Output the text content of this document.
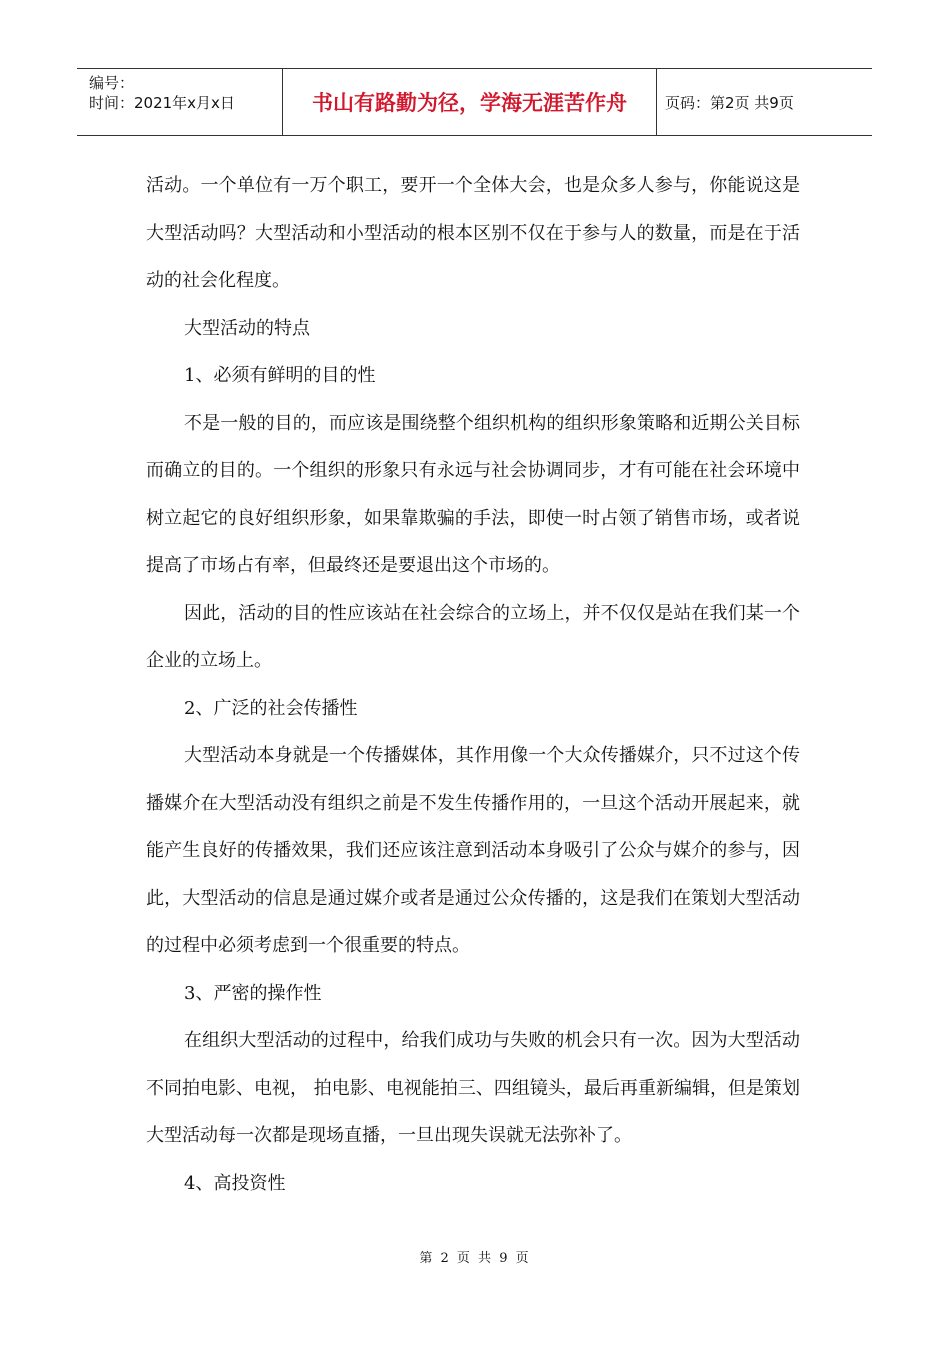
编号：
时间：2021年x月x日	书山有路勤为径，学海无涯苦作舟	页码：第2页 共9页

活动。一个单位有一万个职工，要开一个全体大会，也是众多人参与，你能说这是大型活动吗？大型活动和小型活动的根本区别不仅在于参与人的数量，而是在于活动的社会化程度。

大型活动的特点

1、必须有鲜明的目的性

不是一般的目的，而应该是围绕整个组织机构的组织形象策略和近期公关目标而确立的目的。一个组织的形象只有永远与社会协调同步，才有可能在社会环境中树立起它的良好组织形象，如果靠欺骗的手法，即使一时占领了销售市场，或者说提高了市场占有率，但最终还是要退出这个市场的。

因此，活动的目的性应该站在社会综合的立场上，并不仅仅是站在我们某一个企业的立场上。

2、广泛的社会传播性

大型活动本身就是一个传播媒体，其作用像一个大众传播媒介，只不过这个传播媒介在大型活动没有组织之前是不发生传播作用的，一旦这个活动开展起来，就能产生良好的传播效果，我们还应该注意到活动本身吸引了公众与媒介的参与，因此，大型活动的信息是通过媒介或者是通过公众传播的，这是我们在策划大型活动的过程中必须考虑到一个很重要的特点。

3、严密的操作性

在组织大型活动的过程中，给我们成功与失败的机会只有一次。因为大型活动不同拍电影、电视， 拍电影、电视能拍三、四组镜头，最后再重新编辑，但是策划大型活动每一次都是现场直播，一旦出现失误就无法弥补了。

4、高投资性

第 2 页 共 9 页
